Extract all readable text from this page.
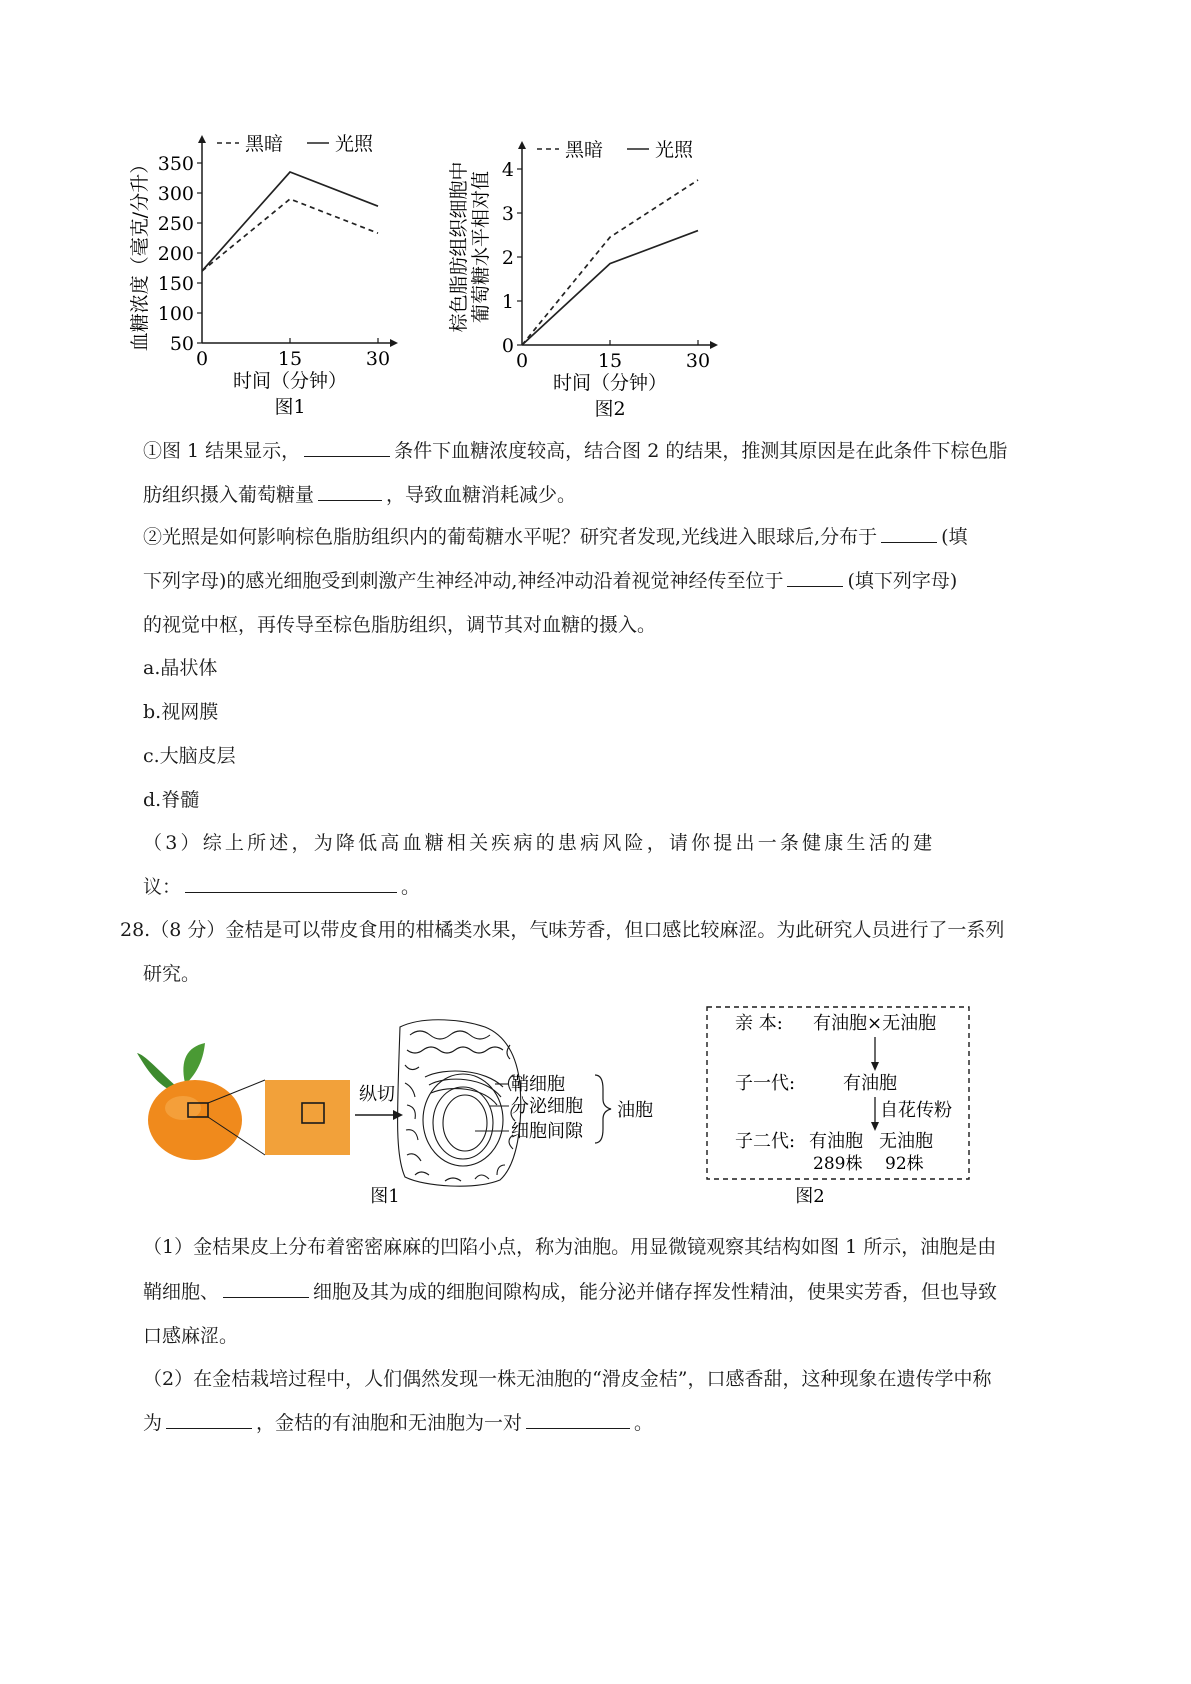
50
100
150
200
250
300
350
0	15	30
黑暗	光照
时间（分钟）
图1
血糖浓度（毫克/分升）	0
1
2
3
4
0	15	30
黑暗	光照
时间（分钟）
图2
棕色脂肪组织细胞中 葡萄糖水平相对值
①图 1 结果显示，	条件下血糖浓度较高，结合图 2 的结果，推测其原因是在此条件下棕色脂
肪组织摄入葡萄糖量	，导致血糖消耗减少。
②光照是如何影响棕色脂肪组织内的葡萄糖水平呢？研究者发现,光线进入眼球后,分布于	(填
下列字母)的感光细胞受到刺激产生神经冲动,神经冲动沿着视觉神经传至位于	(填下列字母)
的视觉中枢，再传导至棕色脂肪组织，调节其对血糖的摄入。
a.晶状体
b.视网膜
c.大脑皮层
d.脊髓
（3）综上所述，为降低高血糖相关疾病的患病风险，请你提出一条健康生活的建
议：	。
28.（8 分）金桔是可以带皮食用的柑橘类水果，气味芳香，但口感比较麻涩。为此研究人员进行了一系列
研究。
纵切	鞘细胞
分泌细胞
细胞间隙
油胞
图1
亲 本: 有油胞×无油胞
子一代:	有油胞
自花传粉
子二代: 有油胞 无油胞
289株 92株
图2
（1）金桔果皮上分布着密密麻麻的凹陷小点，称为油胞。用显微镜观察其结构如图 1 所示，油胞是由
鞘细胞、	细胞及其为成的细胞间隙构成，能分泌并储存挥发性精油，使果实芳香，但也导致
口感麻涩。
（2）在金桔栽培过程中，人们偶然发现一株无油胞的“滑皮金桔”，口感香甜，这种现象在遗传学中称
为	，金桔的有油胞和无油胞为一对	。
